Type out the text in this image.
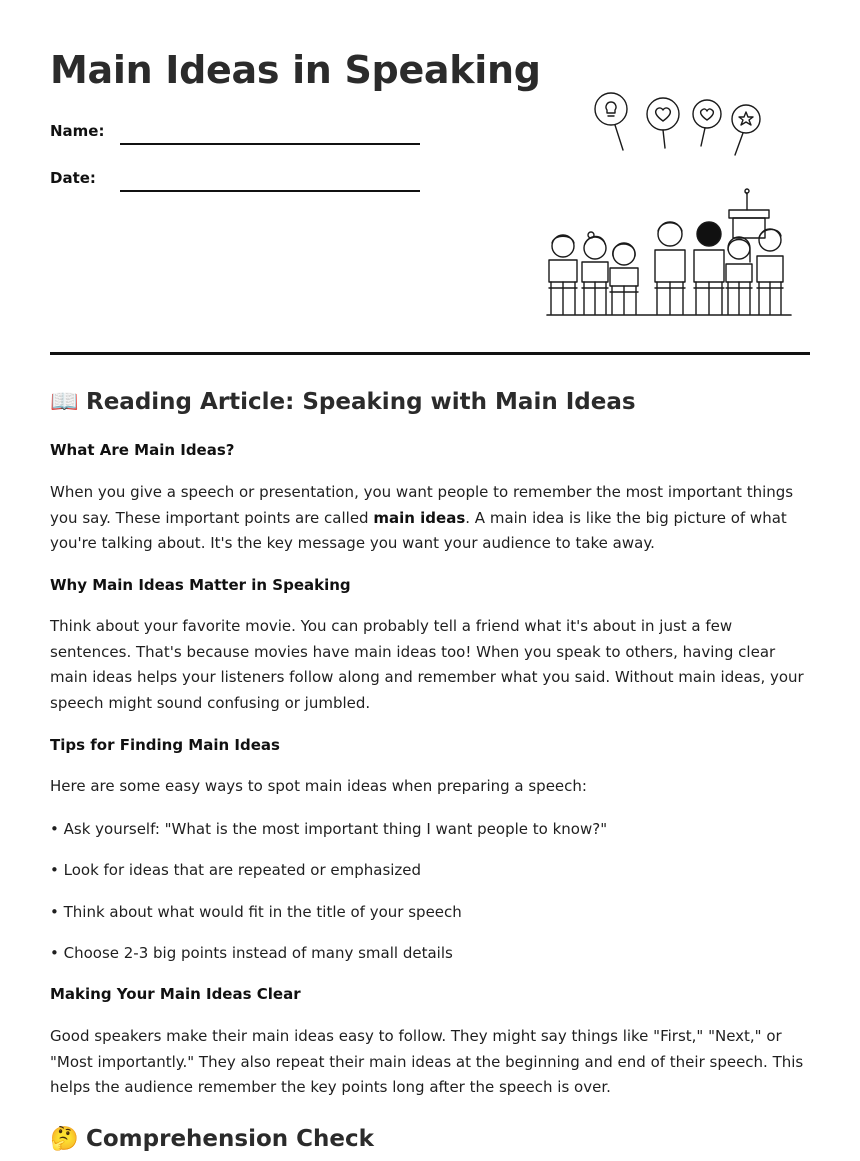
Main Ideas in Speaking
Name:
Date:
📖 Reading Article: Speaking with Main Ideas
What Are Main Ideas?

When you give a speech or presentation, you want people to remember the most important things you say. These important points are called main ideas. A main idea is like the big picture of what you're talking about. It's the key message you want your audience to take away.

Why Main Ideas Matter in Speaking

Think about your favorite movie. You can probably tell a friend what it's about in just a few sentences. That's because movies have main ideas too! When you speak to others, having clear main ideas helps your listeners follow along and remember what you said. Without main ideas, your speech might sound confusing or jumbled.

Tips for Finding Main Ideas

Here are some easy ways to spot main ideas when preparing a speech:

• Ask yourself: "What is the most important thing I want people to know?"
• Look for ideas that are repeated or emphasized
• Think about what would fit in the title of your speech
• Choose 2-3 big points instead of many small details
Making Your Main Ideas Clear

Good speakers make their main ideas easy to follow. They might say things like "First," "Next," or "Most importantly." They also repeat their main ideas at the beginning and end of their speech. This helps the audience remember the key points long after the speech is over.

🤔 Comprehension Check
